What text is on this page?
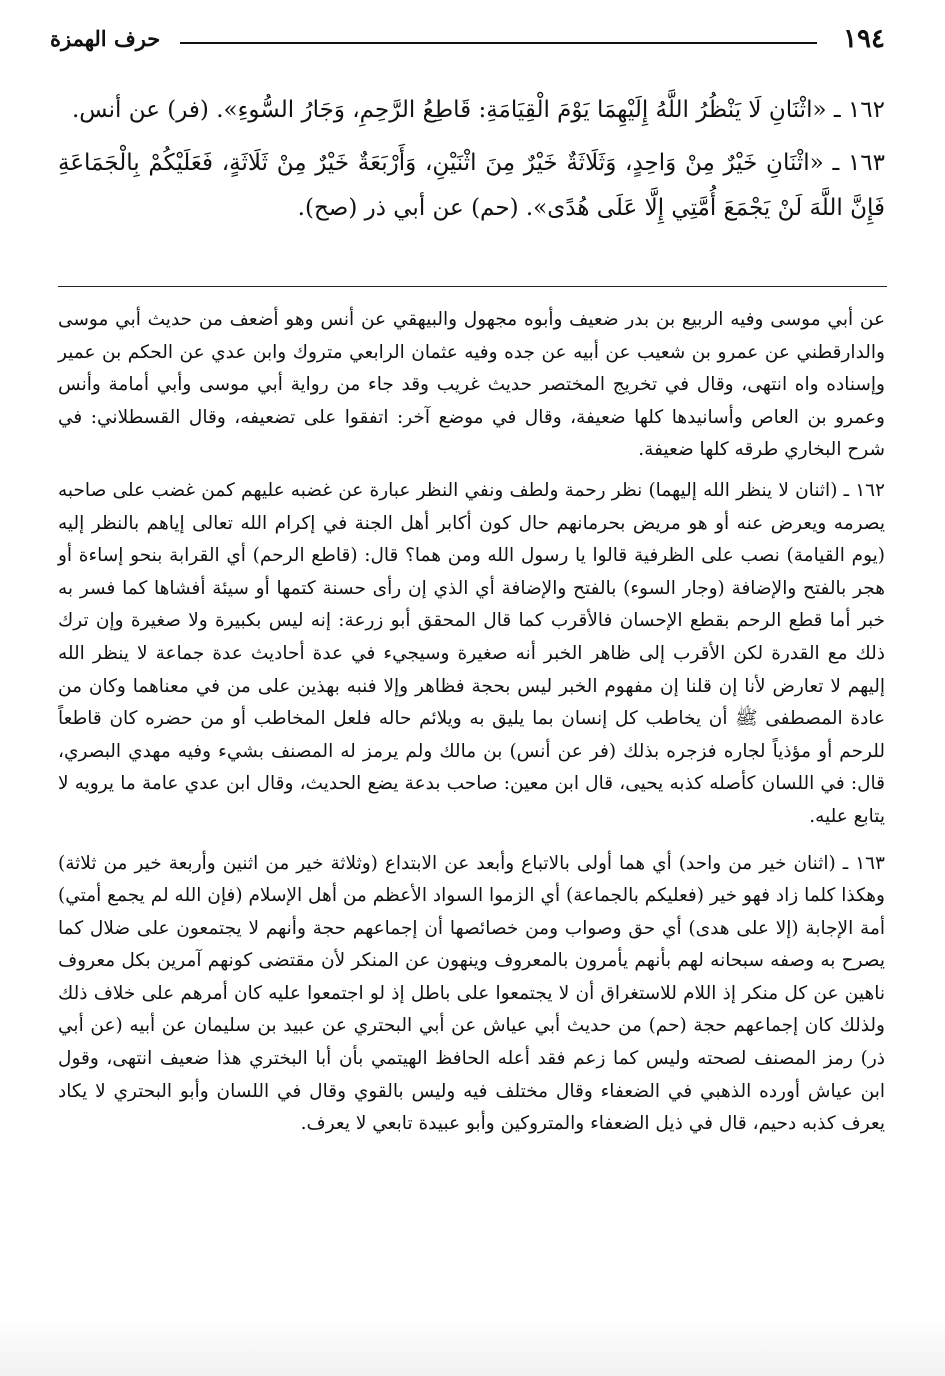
١٩٤
حرف الهمزة

١٦٢ ـ «اثْنَانِ لَا يَنْظُرُ اللَّهُ إِلَيْهِمَا يَوْمَ الْقِيَامَةِ: قَاطِعُ الرَّحِمِ، وَجَارُ السُّوءِ». (فر) عن أنس.

١٦٣ ـ «اثْنَانِ خَيْرٌ مِنْ وَاحِدٍ، وَثَلَاثَةٌ خَيْرٌ مِنَ اثْنَيْنِ، وَأَرْبَعَةٌ خَيْرٌ مِنْ ثَلَاثَةٍ، فَعَلَيْكُمْ بِالْجَمَاعَةِ فَإِنَّ اللَّهَ لَنْ يَجْمَعَ أُمَّتِي إِلَّا عَلَى هُدًى». (حم) عن أبي ذر (صح).

عن أبي موسى وفيه الربيع بن بدر ضعيف وأبوه مجهول والبيهقي عن أنس وهو أضعف من حديث أبي موسى والدارقطني عن عمرو بن شعيب عن أبيه عن جده وفيه عثمان الرابعي متروك وابن عدي عن الحكم بن عمير وإسناده واه انتهى، وقال في تخريج المختصر حديث غريب وقد جاء من رواية أبي موسى وأبي أمامة وأنس وعمرو بن العاص وأسانيدها كلها ضعيفة، وقال في موضع آخر: اتفقوا على تضعيفه، وقال القسطلاني: في شرح البخاري طرقه كلها ضعيفة.

١٦٢ ـ (اثنان لا ينظر الله إليهما) نظر رحمة ولطف ونفي النظر عبارة عن غضبه عليهم كمن غضب على صاحبه يصرمه ويعرض عنه أو هو مريض بحرمانهم حال كون أكابر أهل الجنة في إكرام الله تعالى إياهم بالنظر إليه (يوم القيامة) نصب على الظرفية قالوا يا رسول الله ومن هما؟ قال: (قاطع الرحم) أي القرابة بنحو إساءة أو هجر بالفتح والإضافة (وجار السوء) بالفتح والإضافة أي الذي إن رأى حسنة كتمها أو سيئة أفشاها كما فسر به خبر أما قطع الرحم بقطع الإحسان فالأقرب كما قال المحقق أبو زرعة: إنه ليس بكبيرة ولا صغيرة وإن ترك ذلك مع القدرة لكن الأقرب إلى ظاهر الخبر أنه صغيرة وسيجيء في عدة أحاديث عدة جماعة لا ينظر الله إليهم لا تعارض لأنا إن قلنا إن مفهوم الخبر ليس بحجة فظاهر وإلا فنبه بهذين على من في معناهما وكان من عادة المصطفى ﷺ أن يخاطب كل إنسان بما يليق به ويلائم حاله فلعل المخاطب أو من حضره كان قاطعاً للرحم أو مؤذياً لجاره فزجره بذلك (فر عن أنس) بن مالك ولم يرمز له المصنف بشيء وفيه مهدي البصري، قال: في اللسان كأصله كذبه يحيى، قال ابن معين: صاحب بدعة يضع الحديث، وقال ابن عدي عامة ما يرويه لا يتابع عليه.

١٦٣ ـ (اثنان خير من واحد) أي هما أولى بالاتباع وأبعد عن الابتداع (وثلاثة خير من اثنين وأربعة خير من ثلاثة) وهكذا كلما زاد فهو خير (فعليكم بالجماعة) أي الزموا السواد الأعظم من أهل الإسلام (فإن الله لم يجمع أمتي) أمة الإجابة (إلا على هدى) أي حق وصواب ومن خصائصها أن إجماعهم حجة وأنهم لا يجتمعون على ضلال كما يصرح به وصفه سبحانه لهم بأنهم يأمرون بالمعروف وينهون عن المنكر لأن مقتضى كونهم آمرين بكل معروف ناهين عن كل منكر إذ اللام للاستغراق أن لا يجتمعوا على باطل إذ لو اجتمعوا عليه كان أمرهم على خلاف ذلك ولذلك كان إجماعهم حجة (حم) من حديث أبي عياش عن أبي البحتري عن عبيد بن سليمان عن أبيه (عن أبي ذر) رمز المصنف لصحته وليس كما زعم فقد أعله الحافظ الهيتمي بأن أبا البختري هذا ضعيف انتهى، وقول ابن عياش أورده الذهبي في الضعفاء وقال مختلف فيه وليس بالقوي وقال في اللسان وأبو البحتري لا يكاد يعرف كذبه دحيم، قال في ذيل الضعفاء والمتروكين وأبو عبيدة تابعي لا يعرف.
